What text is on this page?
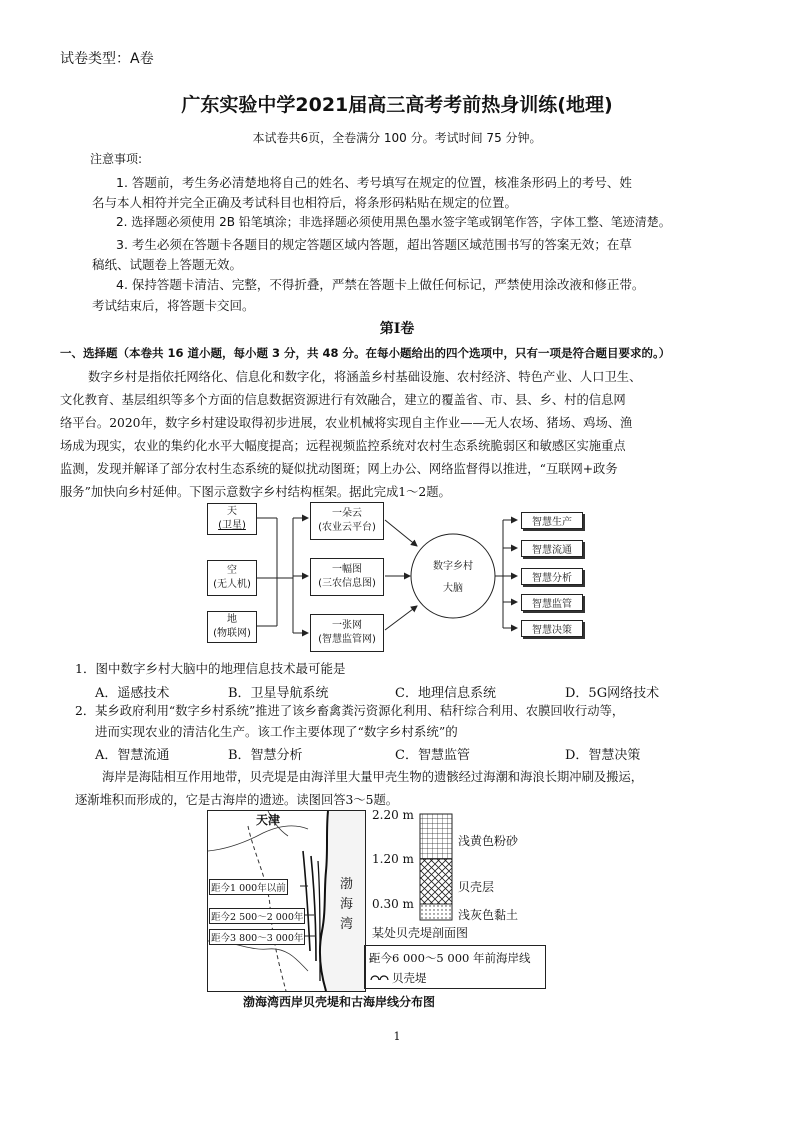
试卷类型：A卷
广东实验中学2021届高三高考考前热身训练(地理)
本试卷共6页，全卷满分 100 分。考试时间 75 分钟。
注意事项:
1. 答题前，考生务必清楚地将自己的姓名、考号填写在规定的位置，核准条形码上的考号、姓
名与本人相符并完全正确及考试科目也相符后，将条形码粘贴在规定的位置。
2. 选择题必须使用 2B 铅笔填涂；非选择题必须使用黑色墨水签字笔或钢笔作答，字体工整、笔迹清楚。
3. 考生必须在答题卡各题目的规定答题区域内答题，超出答题区域范围书写的答案无效；在草
稿纸、试题卷上答题无效。
4. 保持答题卡清洁、完整，不得折叠，严禁在答题卡上做任何标记，严禁使用涂改液和修正带。
考试结束后，将答题卡交回。
第Ⅰ卷
一、选择题（本卷共 16 道小题，每小题 3 分，共 48 分。在每小题给出的四个选项中，只有一项是符合题目要求的。）
数字乡村是指依托网络化、信息化和数字化，将涵盖乡村基础设施、农村经济、特色产业、人口卫生、
文化教育、基层组织等多个方面的信息数据资源进行有效融合，建立的覆盖省、市、县、乡、村的信息网
络平台。2020年，数字乡村建设取得初步进展，农业机械将实现自主作业——无人农场、猪场、鸡场、渔
场成为现实，农业的集约化水平大幅度提高；远程视频监控系统对农村生态系统脆弱区和敏感区实施重点
监测，发现并解译了部分农村生态系统的疑似扰动图斑；网上办公、网络监督得以推进，“互联网+政务
服务”加快向乡村延伸。下图示意数字乡村结构框架。据此完成1～2题。
天
(卫星)
空
(无人机)
地
(物联网)
一朵云
(农业云平台)
一幅图
(三农信息图)
一张网
(智慧监管网)
数字乡村
大脑
智慧生产
智慧流通
智慧分析
智慧监管
智慧决策
1．图中数字乡村大脑中的地理信息技术最可能是
A．遥感技术	B．卫星导航系统	C．地理信息系统	D．5G网络技术
2．某乡政府利用“数字乡村系统”推进了该乡畜禽粪污资源化利用、秸秆综合利用、农膜回收行动等，
进而实现农业的清洁化生产。该工作主要体现了“数字乡村系统”的
A．智慧流通	B．智慧分析	C．智慧监管	D．智慧决策
海岸是海陆相互作用地带，贝壳堤是由海洋里大量甲壳生物的遗骸经过海潮和海浪长期冲刷及搬运，
逐渐堆积而形成的，它是古海岸的遗迹。读图回答3～5题。
天津
渤
海
湾
距今1 000年以前
距今2 500～2 000年
距今3 800～3 000年
2.20 m
1.20 m
0.30 m
浅黄色粉砂
贝壳层
浅灰色黏土
某处贝壳堤剖面图
距今6 000～5 000 年前海岸线
贝壳堤
渤海湾西岸贝壳堤和古海岸线分布图
1
